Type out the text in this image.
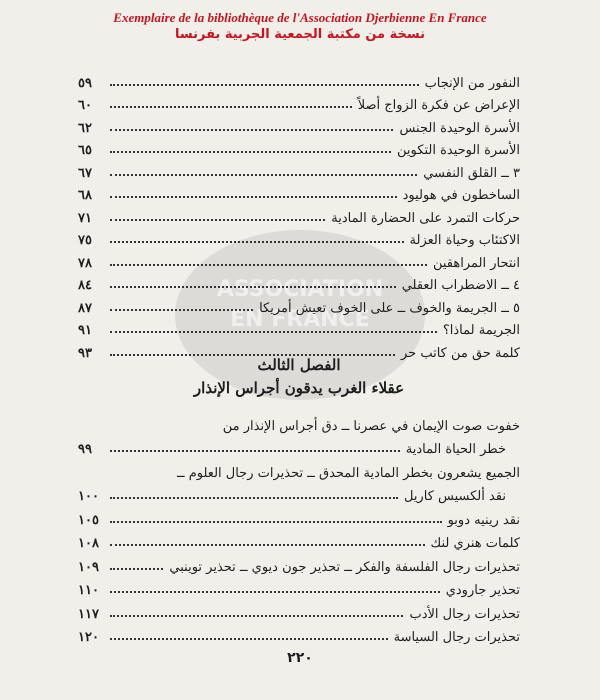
Exemplaire de la bibliothèque de l'Association Djerbienne En France
نسخة من مكتبة الجمعية الجربية بفرنسا
ASSOCIATION
EN FRANCE
النفور من الإنجاب
٥٩
الإعراض عن فكرة الزواج أصلاً
٦٠
الأسرة الوحيدة الجنس
٦٢
الأسرة الوحيدة التكوين
٦٥
٣ ــ القلق النفسي
٦٧
الساخطون في هوليود
٦٨
حركات التمرد على الحضارة المادية
٧١
الاكتئاب وحياة العزلة
٧٥
انتحار المراهقين
٧٨
٤ ــ الاضطراب العقلي
٨٤
٥ ــ الجريمة والخوف ــ على الخوف تعيش أمريكا
٨٧
الجريمة لماذا؟
٩١
كلمة حق من كاتب حر
٩٣
الفصل الثالث
عقلاء الغرب يدقون أجراس الإنذار
خفوت صوت الإيمان في عصرنا ــ دق أجراس الإنذار من
خطر الحياة المادية
٩٩
الجميع يشعرون بخطر المادية المحدق ــ تحذيرات رجال العلوم ــ
نقد ألكسيس كاريل
١٠٠
نقد رينيه دوبو
١٠٥
كلمات هنري لنك
١٠٨
تحذيرات رجال الفلسفة والفكر ــ تحذير جون ديوي ــ تحذير توينبي
١٠٩
تحذير جارودي
١١٠
تحذيرات رجال الأدب
١١٧
تحذيرات رجال السياسة
١٢٠
٢٢٠
